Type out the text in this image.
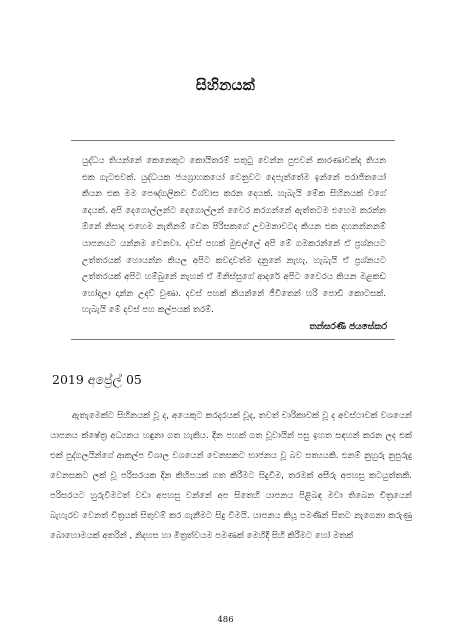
සිහිනයක්

යුද්ධය තියන්නේ කෙනෙකුට කොයිතරම් සතුටු වෙන්න පුළුවන් කාරණාවක්ද තියන එක ගැටළුවක්. යුද්ධයක ජයග්‍රාහකයෝ වෙනුවට දෙපැත්තේම ඉන්නේ පරාජිතයෝ කියන එක මම පෞද්ගලිකව විශ්වාස කරන දෙයක්. හැබැයි මේක සිහිනයක් වගේ දෙයක්. අපි දෙගොල්ලන්ට දෙගොල්ලන් වෛර කරගන්නේ ඇත්තටම එහෙම කරන්න ඕනේ නිසාද එහෙම නැතිනම් වෙන පිරිසකගේ උවමනාවටද කියන එක දහනන්නනම් යාපනයට යන්නම වෙනවා. දවස් පහක් මුළුල්ලේ අපි මේ ගමකරන්නේ ඒ ප්‍රශ්නයට උත්තරයක් හොයන්න කියල අපිට කවදාවත්ම දනුනේ නැහැ. හැබැයි ඒ ප්‍රශ්නයට උත්තරයක් අපිට හම්බුනේ නැහන් ඒ මිනිස්සුගේ ආදරේ අපිට වෛරය කියන මළකඩ හෝදලා දාන්න උදව් වුණා. දවස් පහක් කියන්නේ ජීවිතෙන් හරි පොඩි කොටසක්. හැබැයි මේ දවස් පහ කල්පයක් තරම්.

තන්සරණී ජයසේකර
2019 අප්‍රේල් 05

ඇතැමෙක්ට සිහිනයක් වූ ද, අයෙකුට කරදරයක් වූද, තවත් චාරිකාවක් වූ ද අවස්ථාවක් වශයෙන් යාපනය ක්ෂේත්‍ර අධ්‍යනය හඳුනා ගත හැකිය. දින පහක් ගත වූවායින් පසු ඉහත සඳහන් කරන ලද එක් එක් පුද්ගලයින්ගේ ආකල්ප විශාල වශයෙන් වෙනසකට භාජනය වූ බව සත්‍යයකි. එනම් නුහුරු නුපුරුදු වෙනසකට ලක් වූ පරිසරයක දින කිහිපයක් ගත කිරීමට සිදුවීම, තරමක් අසීරු අපහසු කටයුත්තකි. පරිසරයට හුරුවීමටත් වඩා අපහසු වන්නේ අප සිතෙහි යාපනය පිළිබඳ මවා තිබෙන චිත්‍රයෙන් බැහැරව වෙනත් චිත්‍රයක් සිතුවම් කර ගැනීමට සිදු වීමයි. යාපනය කියූ පමණින් සිතට නැගෙනා කරුණු බොහොමයක් අතරින් , නිදහස හා මිත්‍රත්වයම පමණක් මෙහිදී සිහි කිරීමට හෝ මතක්

486
